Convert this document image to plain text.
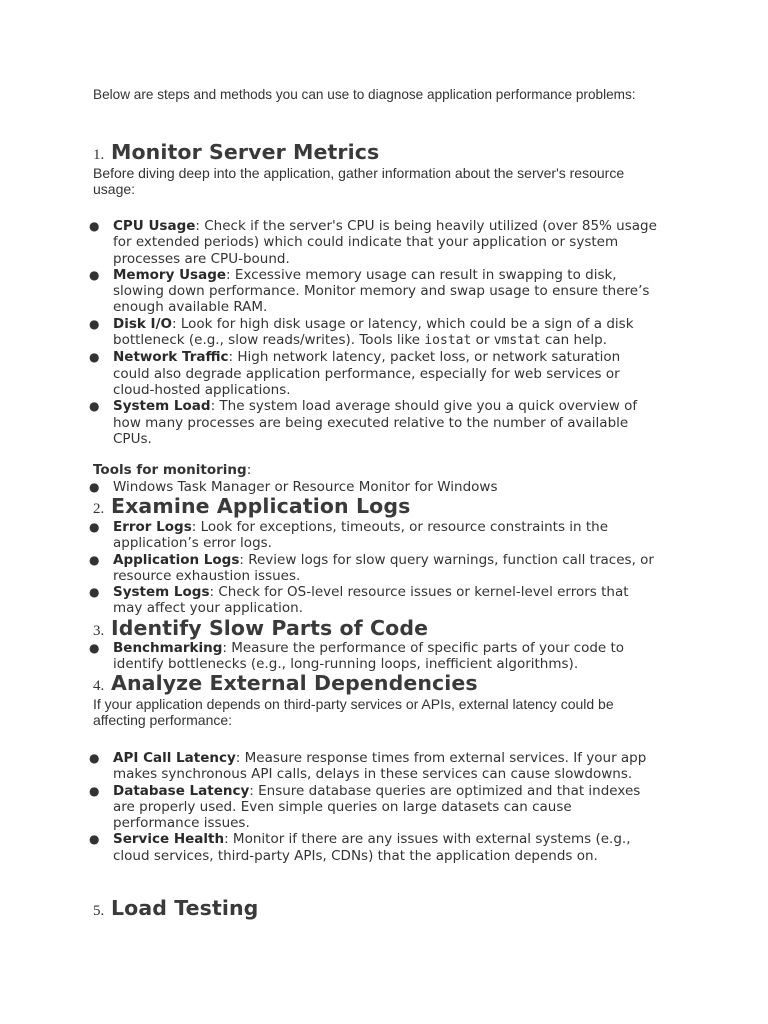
Below are steps and methods you can use to diagnose application performance problems:
1. Monitor Server Metrics
Before diving deep into the application, gather information about the server's resource usage:
● CPU Usage: Check if the server's CPU is being heavily utilized (over 85% usage for extended periods) which could indicate that your application or system processes are CPU-bound.
● Memory Usage: Excessive memory usage can result in swapping to disk, slowing down performance. Monitor memory and swap usage to ensure there’s enough available RAM.
● Disk I/O: Look for high disk usage or latency, which could be a sign of a disk bottleneck (e.g., slow reads/writes). Tools like iostat or vmstat can help.
● Network Traffic: High network latency, packet loss, or network saturation could also degrade application performance, especially for web services or cloud-hosted applications.
● System Load: The system load average should give you a quick overview of how many processes are being executed relative to the number of available CPUs.
Tools for monitoring:
● Windows Task Manager or Resource Monitor for Windows
2. Examine Application Logs
● Error Logs: Look for exceptions, timeouts, or resource constraints in the application’s error logs.
● Application Logs: Review logs for slow query warnings, function call traces, or resource exhaustion issues.
● System Logs: Check for OS-level resource issues or kernel-level errors that may affect your application.
3. Identify Slow Parts of Code
● Benchmarking: Measure the performance of specific parts of your code to identify bottlenecks (e.g., long-running loops, inefficient algorithms).
4. Analyze External Dependencies
If your application depends on third-party services or APIs, external latency could be affecting performance:
● API Call Latency: Measure response times from external services. If your app makes synchronous API calls, delays in these services can cause slowdowns.
● Database Latency: Ensure database queries are optimized and that indexes are properly used. Even simple queries on large datasets can cause performance issues.
● Service Health: Monitor if there are any issues with external systems (e.g., cloud services, third-party APIs, CDNs) that the application depends on.
5. Load Testing
